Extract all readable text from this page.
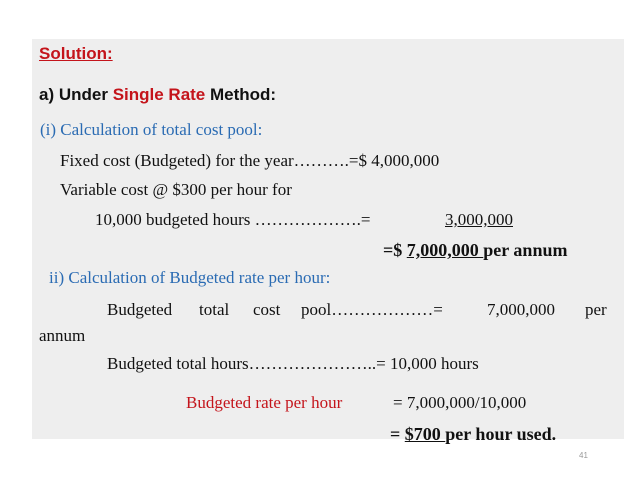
Solution:
a) Under Single Rate Method:
(i) Calculation of total cost pool:
Fixed cost (Budgeted) for the year……….=$ 4,000,000
Variable cost @ $300 per hour for
10,000 budgeted hours ……………….=	3,000,000
=$ 7,000,000 per annum
ii) Calculation of Budgeted rate per hour:
Budgeted total cost pool………………=	7,000,000 per
annum
Budgeted total hours…………………..= 10,000 hours
Budgeted rate per hour	= 7,000,000/10,000
= $700 per hour used.
41
